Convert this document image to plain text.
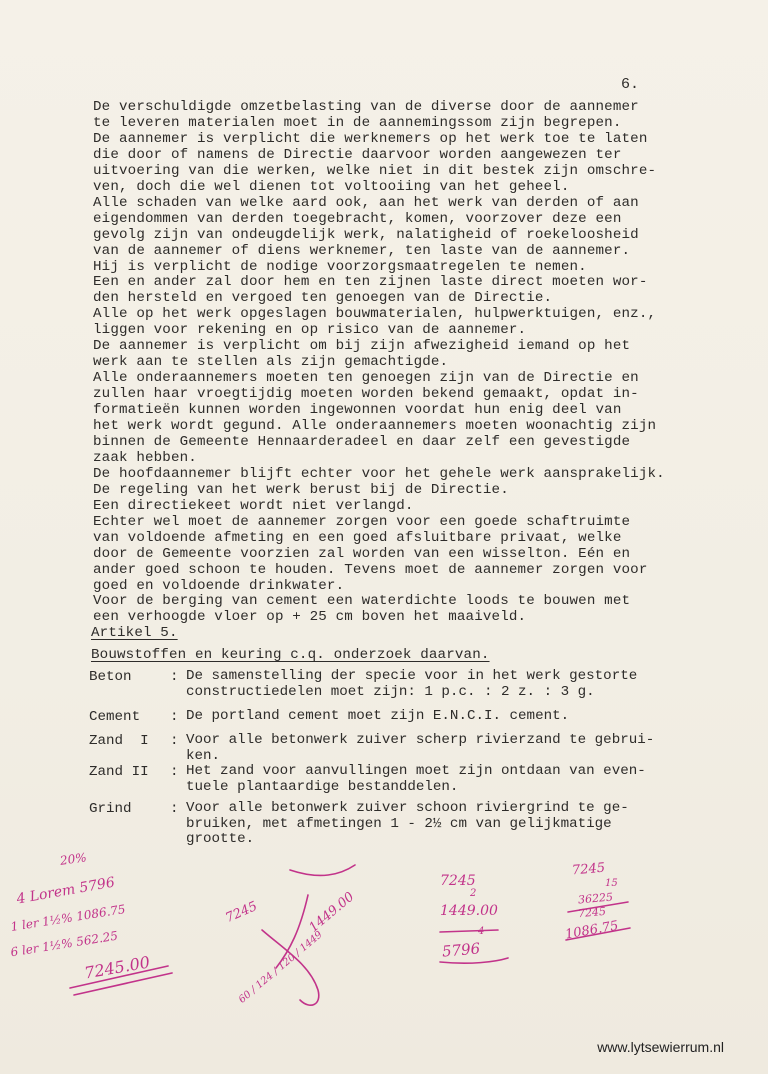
6.
De verschuldigde omzetbelasting van de diverse door de aannemer
te leveren materialen moet in de aannemingssom zijn begrepen.
De aannemer is verplicht die werknemers op het werk toe te laten
die door of namens de Directie daarvoor worden aangewezen ter
uitvoering van die werken, welke niet in dit bestek zijn omschre-
ven, doch die wel dienen tot voltooiing van het geheel.
Alle schaden van welke aard ook, aan het werk van derden of aan
eigendommen van derden toegebracht, komen, voorzover deze een
gevolg zijn van ondeugdelijk werk, nalatigheid of roekeloosheid
van de aannemer of diens werknemer, ten laste van de aannemer.
Hij is verplicht de nodige voorzorgsmaatregelen te nemen.
Een en ander zal door hem en ten zijnen laste direct moeten wor-
den hersteld en vergoed ten genoegen van de Directie.
Alle op het werk opgeslagen bouwmaterialen, hulpwerktuigen, enz.,
liggen voor rekening en op risico van de aannemer.
De aannemer is verplicht om bij zijn afwezigheid iemand op het
werk aan te stellen als zijn gemachtigde.
Alle onderaannemers moeten ten genoegen zijn van de Directie en
zullen haar vroegtijdig moeten worden bekend gemaakt, opdat in-
formatieën kunnen worden ingewonnen voordat hun enig deel van
het werk wordt gegund. Alle onderaannemers moeten woonachtig zijn
binnen de Gemeente Hennaarderadeel en daar zelf een gevestigde
zaak hebben.
De hoofdaannemer blijft echter voor het gehele werk aansprakelijk.
De regeling van het werk berust bij de Directie.
Een directiekeet wordt niet verlangd.
Echter wel moet de aannemer zorgen voor een goede schaftruimte
van voldoende afmeting en een goed afsluitbare privaat, welke
door de Gemeente voorzien zal worden van een wisselton. Eén en
ander goed schoon te houden. Tevens moet de aannemer zorgen voor
goed en voldoende drinkwater.
Voor de berging van cement een waterdichte loods te bouwen met
een verhoogde vloer op + 25 cm boven het maaiveld.
Artikel 5.
Bouwstoffen en keuring c.q. onderzoek daarvan.
Beton	: De samenstelling der specie voor in het werk gestorte
constructiedelen moet zijn: 1 p.c. : 2 z. : 3 g.
Cement : De portland cement moet zijn E.N.C.I. cement.
Zand  I : Voor alle betonwerk zuiver scherp rivierzand te gebrui-
ken.
Zand II : Het zand voor aanvullingen moet zijn ontdaan van even-
tuele plantaardige bestanddelen.
Grind	: Voor alle betonwerk zuiver schoon riviergrind te ge-
bruiken, met afmetingen 1 - 2½ cm van gelijkmatige
grootte.
20%
4 Lorem 5796
1 ler 1½% 1086.75
6 ler 1½% 562.25
7245.00
7245	1449.00
60 / 124 / 120 / 1449
7245
2
1449.00
4
5796
7245
15
36225
7245
1086.75
www.lytsewierrum.nl
